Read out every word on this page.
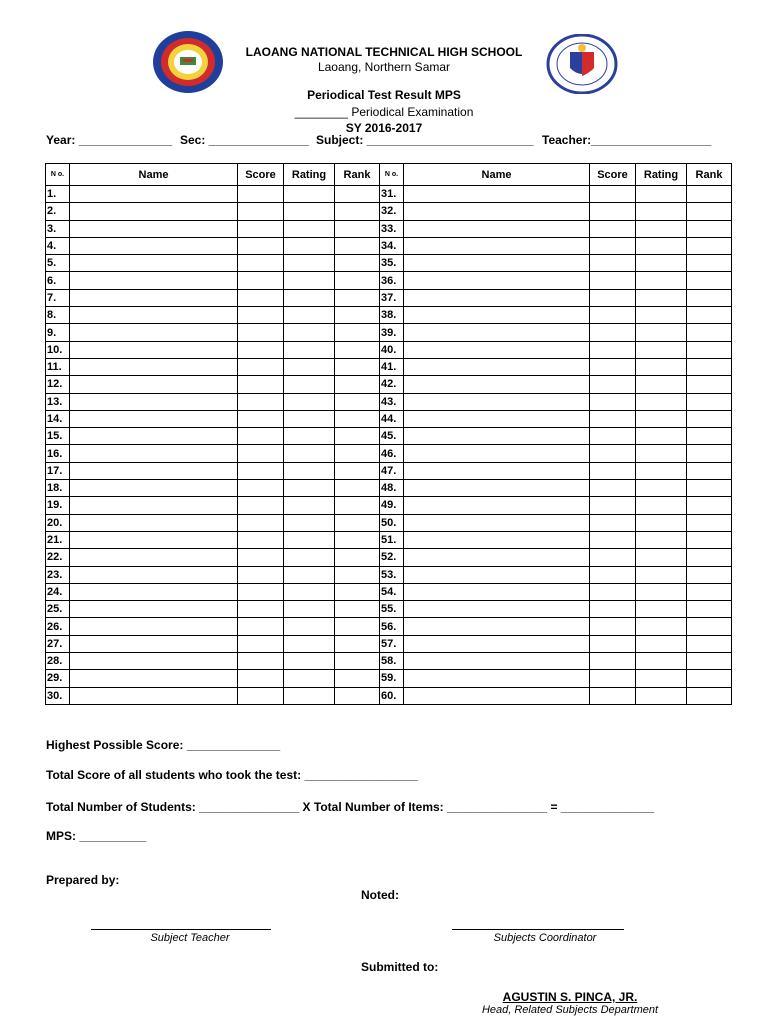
LAOANG NATIONAL TECHNICAL HIGH SCHOOL
Laoang, Northern Samar
Periodical Test Result MPS
________ Periodical Examination
SY 2016-2017
Year: ______________ Sec: _______________ Subject: _________________________ Teacher:__________________
N o.	Name	Score	Rating	Rank	N o.	Name	Score	Rating	Rank
1.					31.				
2.					32.				
3.					33.				
4.					34.				
5.					35.				
6.					36.				
7.					37.				
8.					38.				
9.					39.				
10.					40.				
11.					41.				
12.					42.				
13.					43.				
14.					44.				
15.					45.				
16.					46.				
17.					47.				
18.					48.				
19.					49.				
20.					50.				
21.					51.				
22.					52.				
23.					53.				
24.					54.				
25.					55.				
26.					56.				
27.					57.				
28.					58.				
29.					59.				
30.					60.				
Highest Possible Score: ______________
Total Score of all students who took the test: _________________
Total Number of Students: _______________ X Total Number of Items: _______________ = ______________
MPS: __________
Prepared by:
Noted:
Subject Teacher	Subjects Coordinator
Submitted to:
AGUSTIN S. PINCA, JR.
Head, Related Subjects Department
